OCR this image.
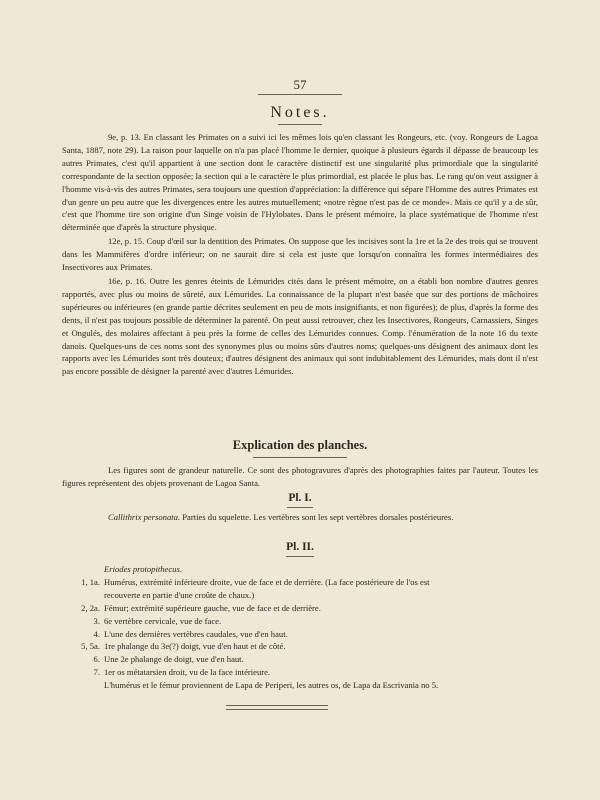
57
Notes.

9e, p. 13. En classant les Primates on a suivi ici les mêmes lois qu'en classant les Rongeurs, etc. (voy. Rongeurs de Lagoa Santa, 1887, note 29). La raison pour laquelle on n'a pas placé l'homme le dernier, quoique à plusieurs égards il dépasse de beaucoup les autres Primates, c'est qu'il appartient à une section dont le caractère distinctif est une singularité plus primordiale que la singularité correspondante de la section opposée; la section qui a le caractère le plus primordial, est placée le plus bas. Le rang qu'on veut assigner à l'homme vis-à-vis des autres Primates, sera toujours une question d'appréciation: la différence qui sépare l'Homme des autres Primates est d'un genre un peu autre que les divergences entre les autres mutuellement; «notre règne n'est pas de ce monde». Mais ce qu'il y a de sûr, c'est que l'homme tire son origine d'un Singe voisin de l'Hylobates. Dans le présent mémoire, la place systématique de l'homme n'est déterminée que d'après la structure physique.

12e, p. 15. Coup d'œil sur la dentition des Primates. On suppose que les incisives sont la 1re et la 2e des trois qui se trouvent dans les Mammifères d'ordre inférieur; on ne saurait dire si cela est juste que lorsqu'on connaîtra les formes intermédiaires des Insectivores aux Primates.

16e, p. 16. Outre les genres éteints de Lémurides cités dans le présent mémoire, on a établi bon nombre d'autres genres rapportés, avec plus ou moins de sûreté, aux Lémurides. La connaissance de la plupart n'est basée que sur des portions de mâchoires supérieures ou inférieures (en grande partie décrites seulement en peu de mots insignifiants, et non figurées); de plus, d'après la forme des dents, il n'est pas toujours possible de déterminer la parenté. On peut aussi retrouver, chez les Insectivores, Rongeurs, Carnassiers, Singes et Ongulés, des molaires affectant à peu près la forme de celles des Lémurides connues. Comp. l'énumération de la note 16 du texte danois. Quelques-uns de ces noms sont des synonymes plus ou moins sûrs d'autres noms; quelques-uns désignent des animaux dont les rapports avec les Lémurides sont très douteux; d'autres désignent des animaux qui sont indubitablement des Lémurides, mais dont il n'est pas encore possible de désigner la parenté avec d'autres Lémurides.

Explication des planches.

Les figures sont de grandeur naturelle. Ce sont des photogravures d'après des photographies faites par l'auteur. Toutes les figures représentent des objets provenant de Lagoa Santa.

Pl. I.

Callithrix personata. Parties du squelette. Les vertèbres sont les sept vertèbres dorsales postérieures.

Pl. II.
Eriodes protopithecus.
1, 1a. Humérus, extrémité inférieure droite, vue de face et de derrière. (La face postérieure de l'os est
recouverte en partie d'une croûte de chaux.)
2, 2a. Fémur; extrémité supérieure gauche, vue de face et de derrière.
3. 6e vertèbre cervicale, vue de face.
4. L'une des dernières vertèbres caudales, vue d'en haut.
5, 5a. 1re phalange du 3e(?) doigt, vue d'en haut et de côté.
6. Une 2e phalange de doigt, vue d'en haut.
7. 1er os métatarsien droit, vu de la face intérieure.
L'humérus et le fémur proviennent de Lapa de Periperi, les autres os, de Lapa da Escrivania no 5.
